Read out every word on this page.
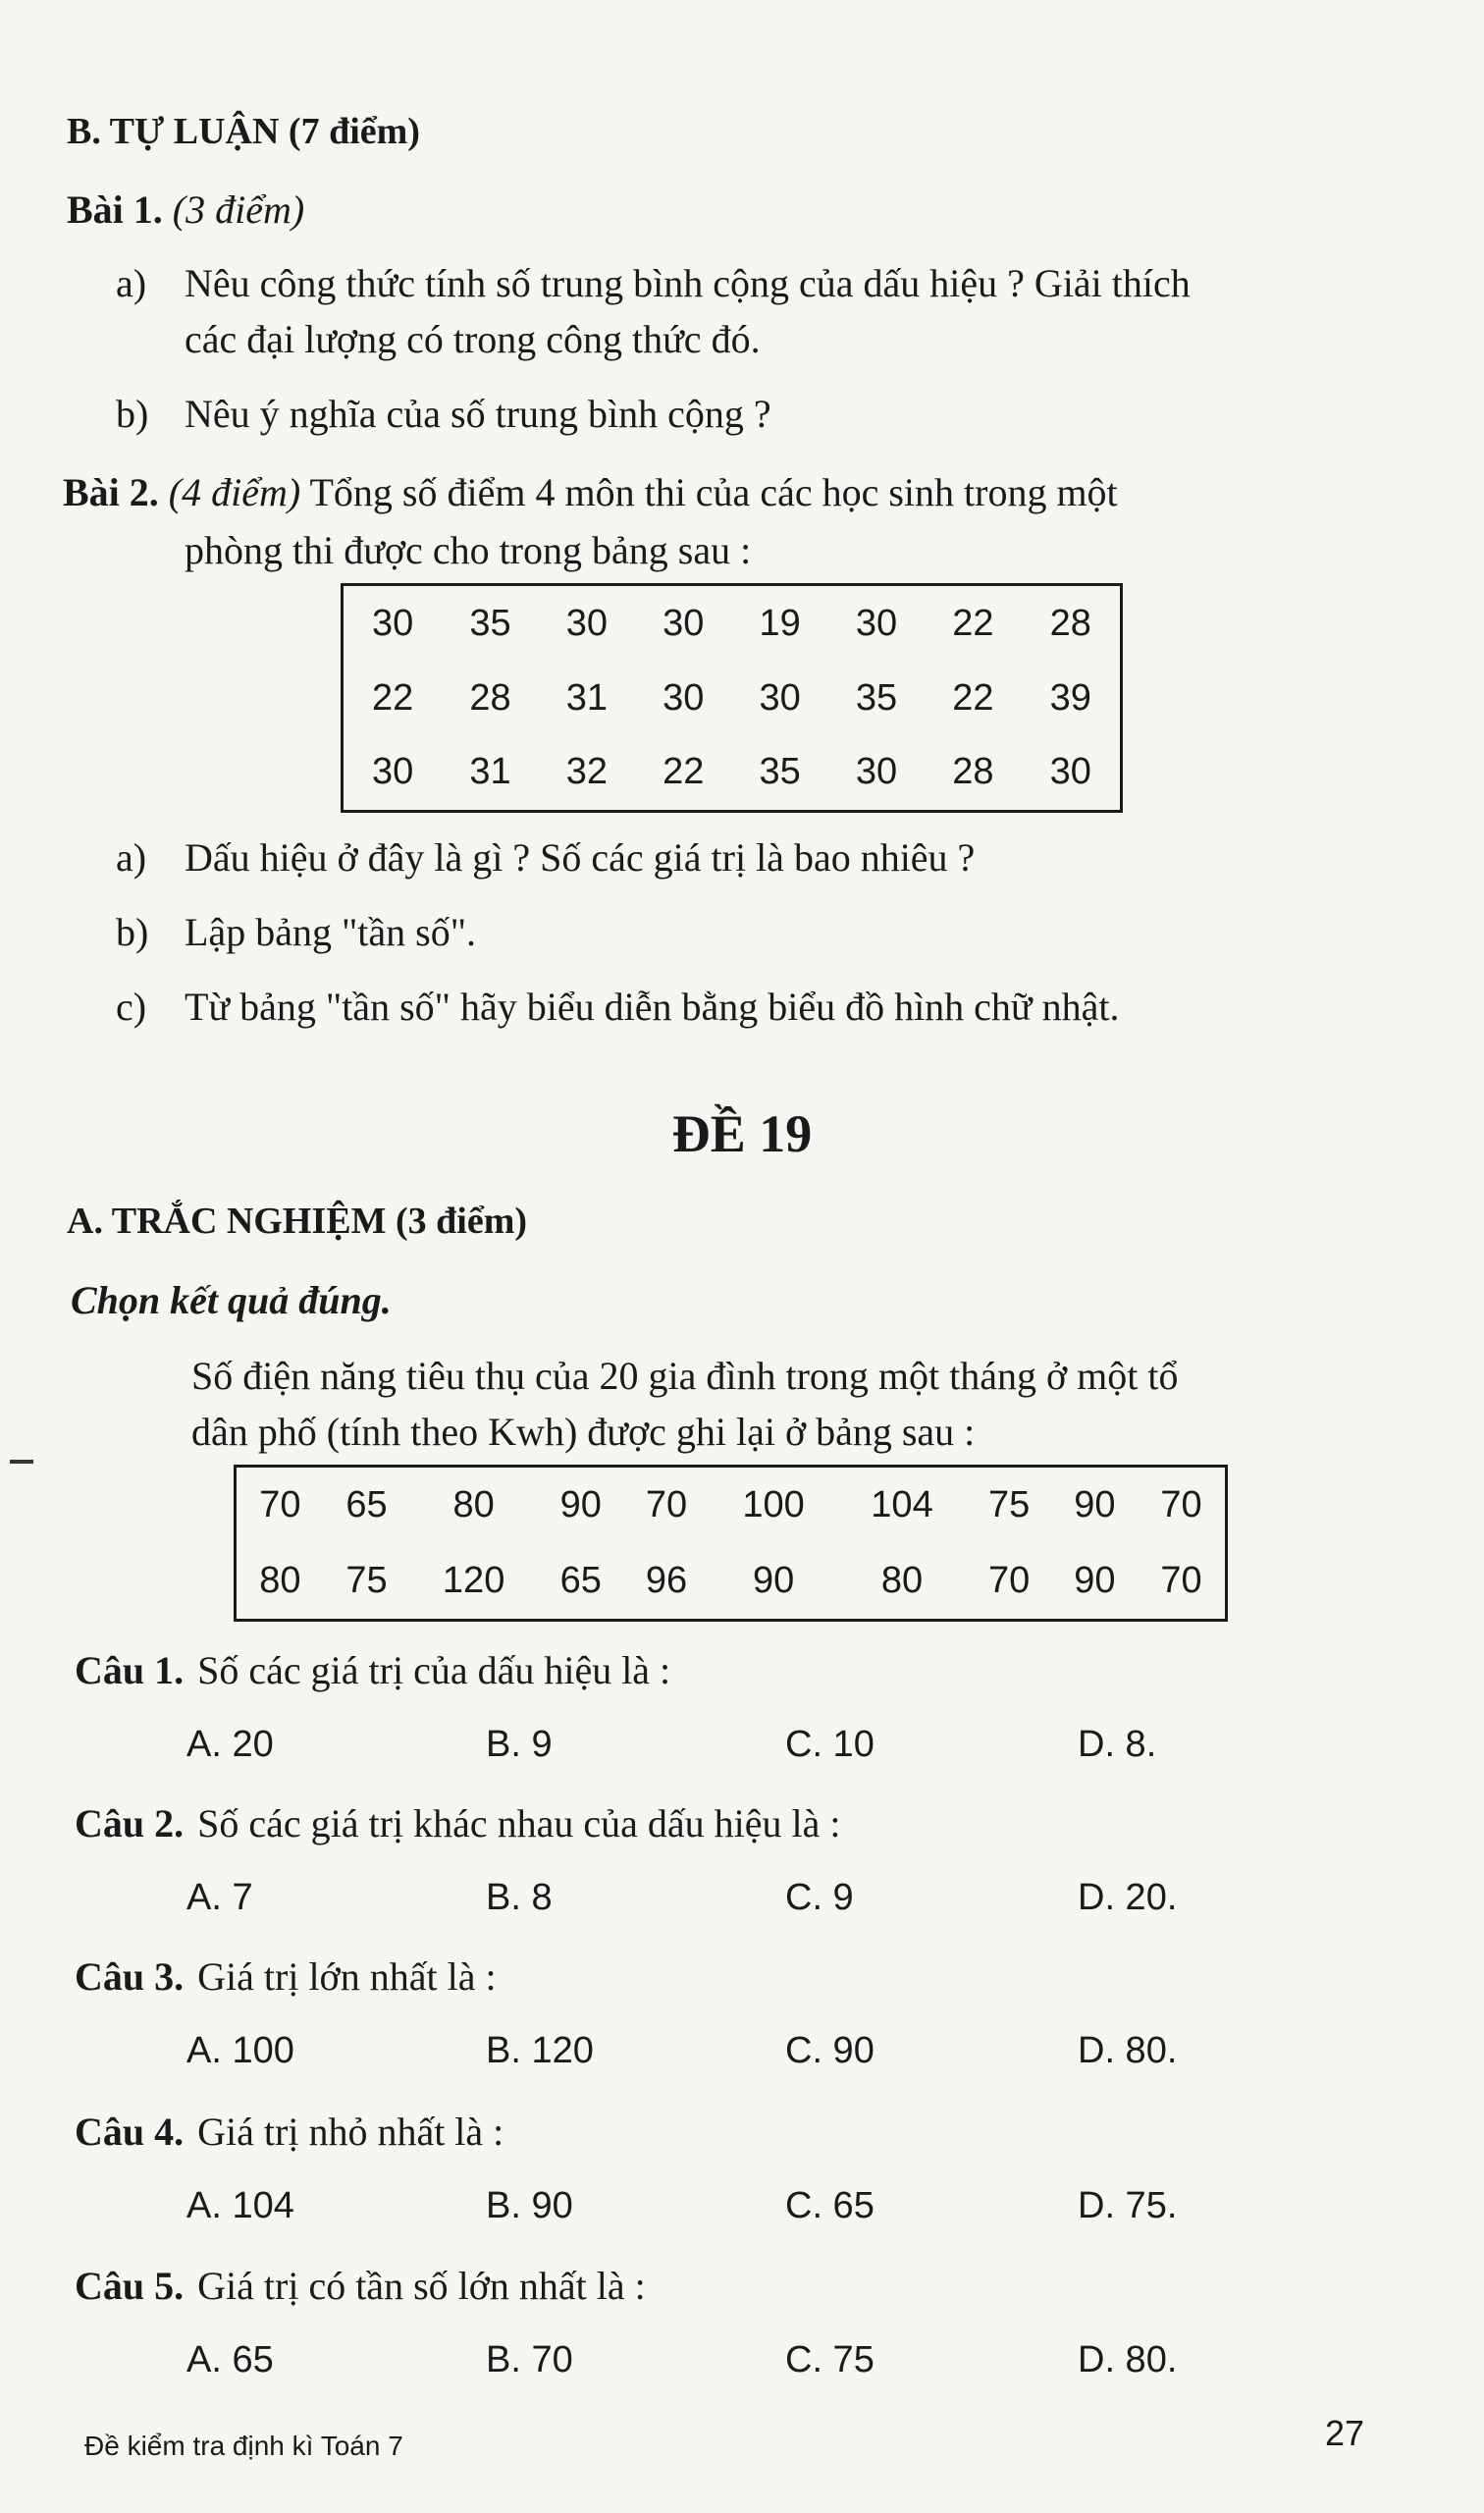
B. TỰ LUẬN (7 điểm)
Bài 1. (3 điểm)
a) Nêu công thức tính số trung bình cộng của dấu hiệu ? Giải thích
các đại lượng có trong công thức đó.
b) Nêu ý nghĩa của số trung bình cộng ?
Bài 2. (4 điểm) Tổng số điểm 4 môn thi của các học sinh trong một
phòng thi được cho trong bảng sau :
30	35	30	30	19	30	22	28
22	28	31	30	30	35	22	39
30	31	32	22	35	30	28	30
a) Dấu hiệu ở đây là gì ? Số các giá trị là bao nhiêu ?
b) Lập bảng "tần số".
c) Từ bảng "tần số" hãy biểu diễn bằng biểu đồ hình chữ nhật.
ĐỀ 19
A. TRẮC NGHIỆM (3 điểm)
Chọn kết quả đúng.
Số điện năng tiêu thụ của 20 gia đình trong một tháng ở một tổ
dân phố (tính theo Kwh) được ghi lại ở bảng sau :
70	65	80	90	70	100	104	75	90	70
80	75	120	65	96	90	80	70	90	70
Câu 1. Số các giá trị của dấu hiệu là :
A. 20	B. 9	C. 10	D. 8.
Câu 2. Số các giá trị khác nhau của dấu hiệu là :
A. 7	B. 8	C. 9	D. 20.
Câu 3. Giá trị lớn nhất là :
A. 100	B. 120	C. 90	D. 80.
Câu 4. Giá trị nhỏ nhất là :
A. 104	B. 90	C. 65	D. 75.
Câu 5. Giá trị có tần số lớn nhất là :
A. 65	B. 70	C. 75	D. 80.
Đề kiểm tra định kì Toán 7	27
